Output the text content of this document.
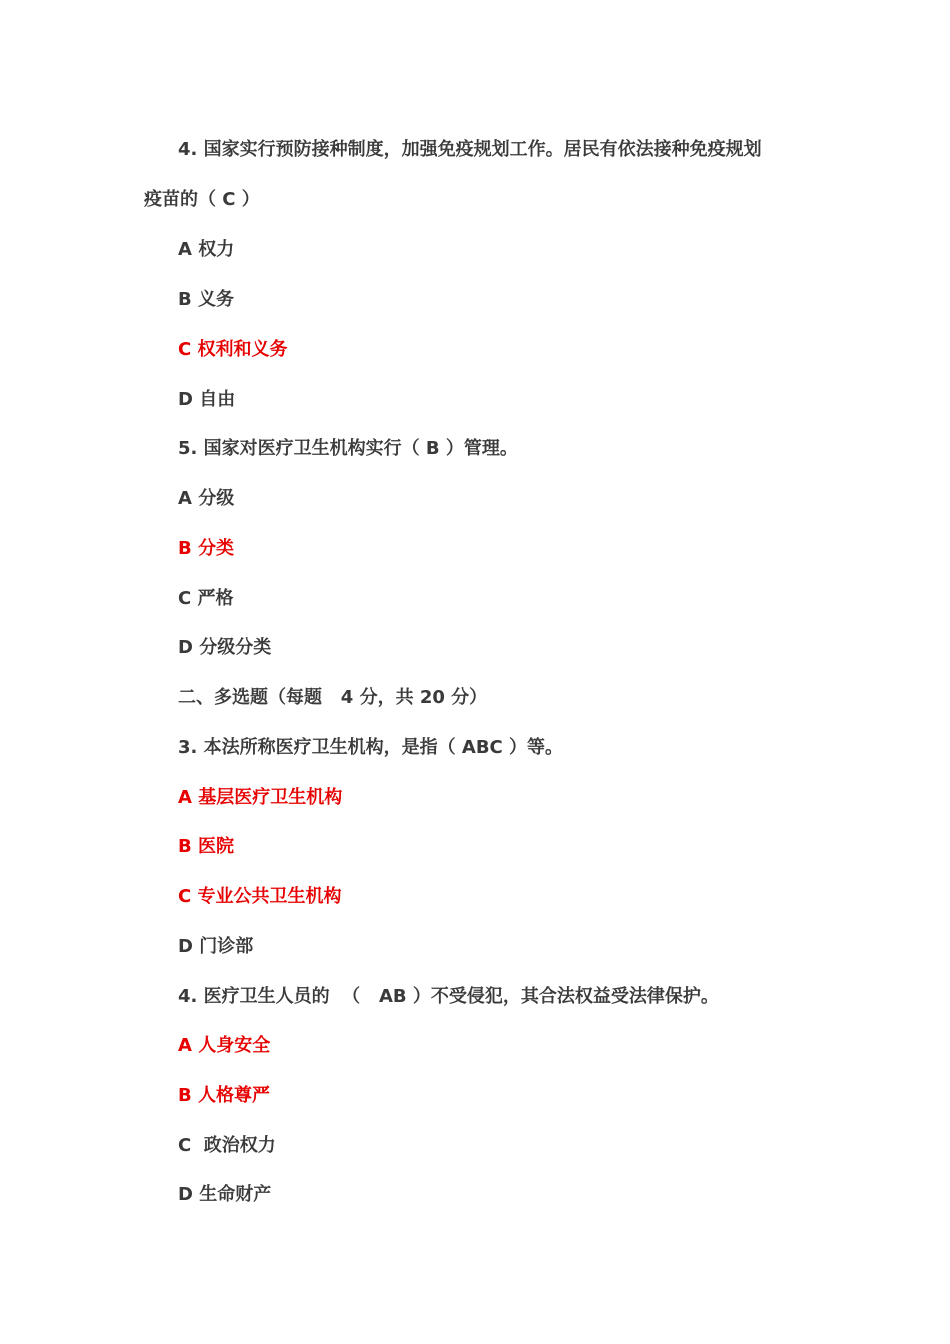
4. 国家实行预防接种制度，加强免疫规划工作。居民有依法接种免疫规划
疫苗的（ C ）
A 权力
B 义务
C 权利和义务
D 自由
5. 国家对医疗卫生机构实行（ B ）管理。
A 分级
B 分类
C 严格
D 分级分类
二、多选题（每题   4 分，共 20 分）
3. 本法所称医疗卫生机构，是指（ ABC ）等。
A 基层医疗卫生机构
B 医院
C 专业公共卫生机构
D 门诊部
4. 医疗卫生人员的  （   AB ）不受侵犯，其合法权益受法律保护。
A 人身安全
B 人格尊严
C  政治权力
D 生命财产
